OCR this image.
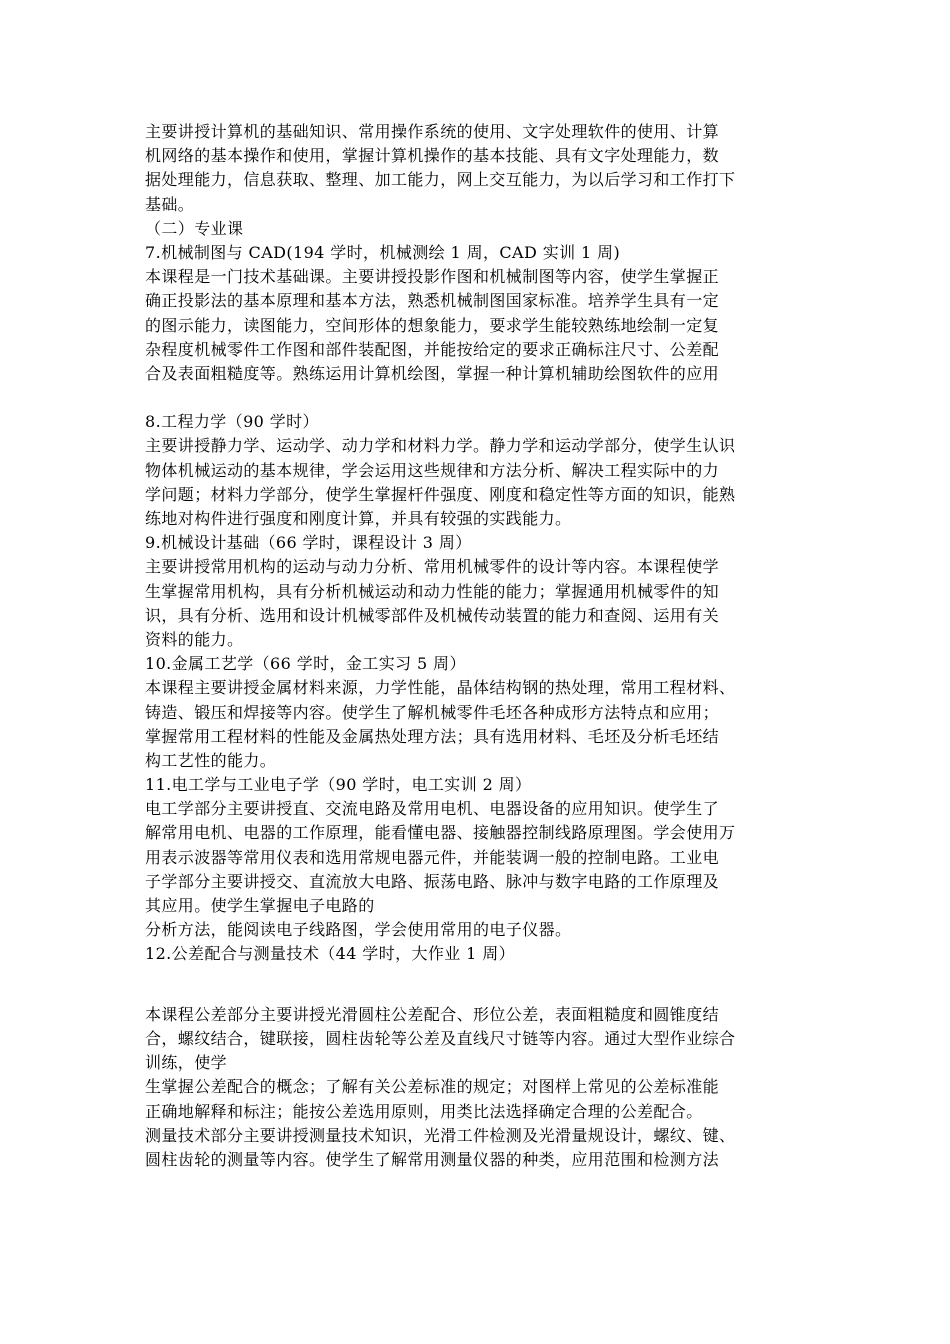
主要讲授计算机的基础知识、常用操作系统的使用、文字处理软件的使用、计算

机网络的基本操作和使用，掌握计算机操作的基本技能、具有文字处理能力，数

据处理能力，信息获取、整理、加工能力，网上交互能力，为以后学习和工作打下

基础。

（二）专业课

7.机械制图与 CAD(194 学时，机械测绘 1 周，CAD 实训 1 周)

本课程是一门技术基础课。主要讲授投影作图和机械制图等内容，使学生掌握正

确正投影法的基本原理和基本方法，熟悉机械制图国家标准。培养学生具有一定

的图示能力，读图能力，空间形体的想象能力，要求学生能较熟练地绘制一定复

杂程度机械零件工作图和部件装配图，并能按给定的要求正确标注尺寸、公差配

合及表面粗糙度等。熟练运用计算机绘图，掌握一种计算机辅助绘图软件的应用

8.工程力学（90 学时）

主要讲授静力学、运动学、动力学和材料力学。静力学和运动学部分，使学生认识

物体机械运动的基本规律，学会运用这些规律和方法分析、解决工程实际中的力

学问题；材料力学部分，使学生掌握杆件强度、刚度和稳定性等方面的知识，能熟

练地对构件进行强度和刚度计算，并具有较强的实践能力。

9.机械设计基础（66 学时，课程设计 3 周）

主要讲授常用机构的运动与动力分析、常用机械零件的设计等内容。本课程使学

生掌握常用机构，具有分析机械运动和动力性能的能力；掌握通用机械零件的知

识，具有分析、选用和设计机械零部件及机械传动装置的能力和查阅、运用有关

资料的能力。

10.金属工艺学（66 学时，金工实习 5 周）

本课程主要讲授金属材料来源，力学性能，晶体结构钢的热处理，常用工程材料、

铸造、锻压和焊接等内容。使学生了解机械零件毛坯各种成形方法特点和应用；

掌握常用工程材料的性能及金属热处理方法；具有选用材料、毛坯及分析毛坯结

构工艺性的能力。

11.电工学与工业电子学（90 学时，电工实训 2 周）

电工学部分主要讲授直、交流电路及常用电机、电器设备的应用知识。使学生了

解常用电机、电器的工作原理，能看懂电器、接触器控制线路原理图。学会使用万

用表示波器等常用仪表和选用常规电器元件，并能装调一般的控制电路。工业电

子学部分主要讲授交、直流放大电路、振荡电路、脉冲与数字电路的工作原理及

其应用。使学生掌握电子电路的

分析方法，能阅读电子线路图，学会使用常用的电子仪器。

12.公差配合与测量技术（44 学时，大作业 1 周）

本课程公差部分主要讲授光滑圆柱公差配合、形位公差，表面粗糙度和圆锥度结

合，螺纹结合，键联接，圆柱齿轮等公差及直线尺寸链等内容。通过大型作业综合

训练，使学

生掌握公差配合的概念；了解有关公差标准的规定；对图样上常见的公差标准能

正确地解释和标注；能按公差选用原则，用类比法选择确定合理的公差配合。

测量技术部分主要讲授测量技术知识，光滑工件检测及光滑量规设计，螺纹、键、

圆柱齿轮的测量等内容。使学生了解常用测量仪器的种类，应用范围和检测方法
